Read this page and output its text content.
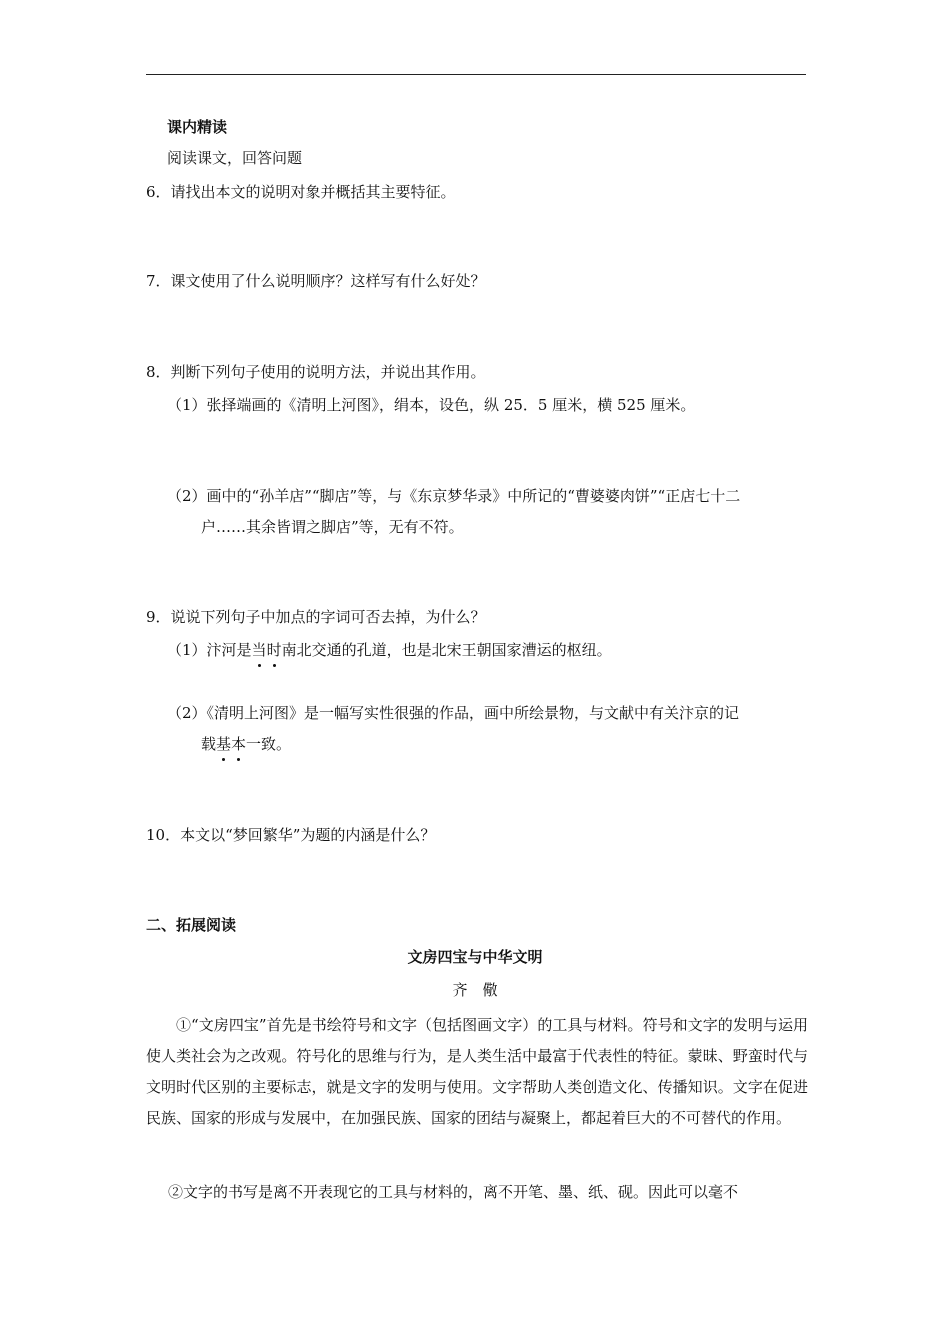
课内精读
阅读课文，回答问题
6．请找出本文的说明对象并概括其主要特征。
7．课文使用了什么说明顺序？这样写有什么好处？
8．判断下列句子使用的说明方法，并说出其作用。
（1）张择端画的《清明上河图》，绢本，设色，纵 25．5 厘米，横 525 厘米。
（2）画中的“孙羊店”“脚店”等，与《东京梦华录》中所记的“曹婆婆肉饼”“正店七十二
户……其余皆谓之脚店”等，无有不符。
9．说说下列句子中加点的字词可否去掉，为什么？
（1）汴河是当时南北交通的孔道，也是北宋王朝国家漕运的枢纽。
（2）《清明上河图》是一幅写实性很强的作品，画中所绘景物，与文献中有关汴京的记
载基本一致。
10．本文以“梦回繁华”为题的内涵是什么？
二、拓展阅读
文房四宝与中华文明
齐　儆
①“文房四宝”首先是书绘符号和文字（包括图画文字）的工具与材料。符号和文字的发明与运用使人类社会为之改观。符号化的思维与行为，是人类生活中最富于代表性的特征。蒙昧、野蛮时代与文明时代区别的主要标志，就是文字的发明与使用。文字帮助人类创造文化、传播知识。文字在促进民族、国家的形成与发展中，在加强民族、国家的团结与凝聚上，都起着巨大的不可替代的作用。
②文字的书写是离不开表现它的工具与材料的，离不开笔、墨、纸、砚。因此可以毫不
